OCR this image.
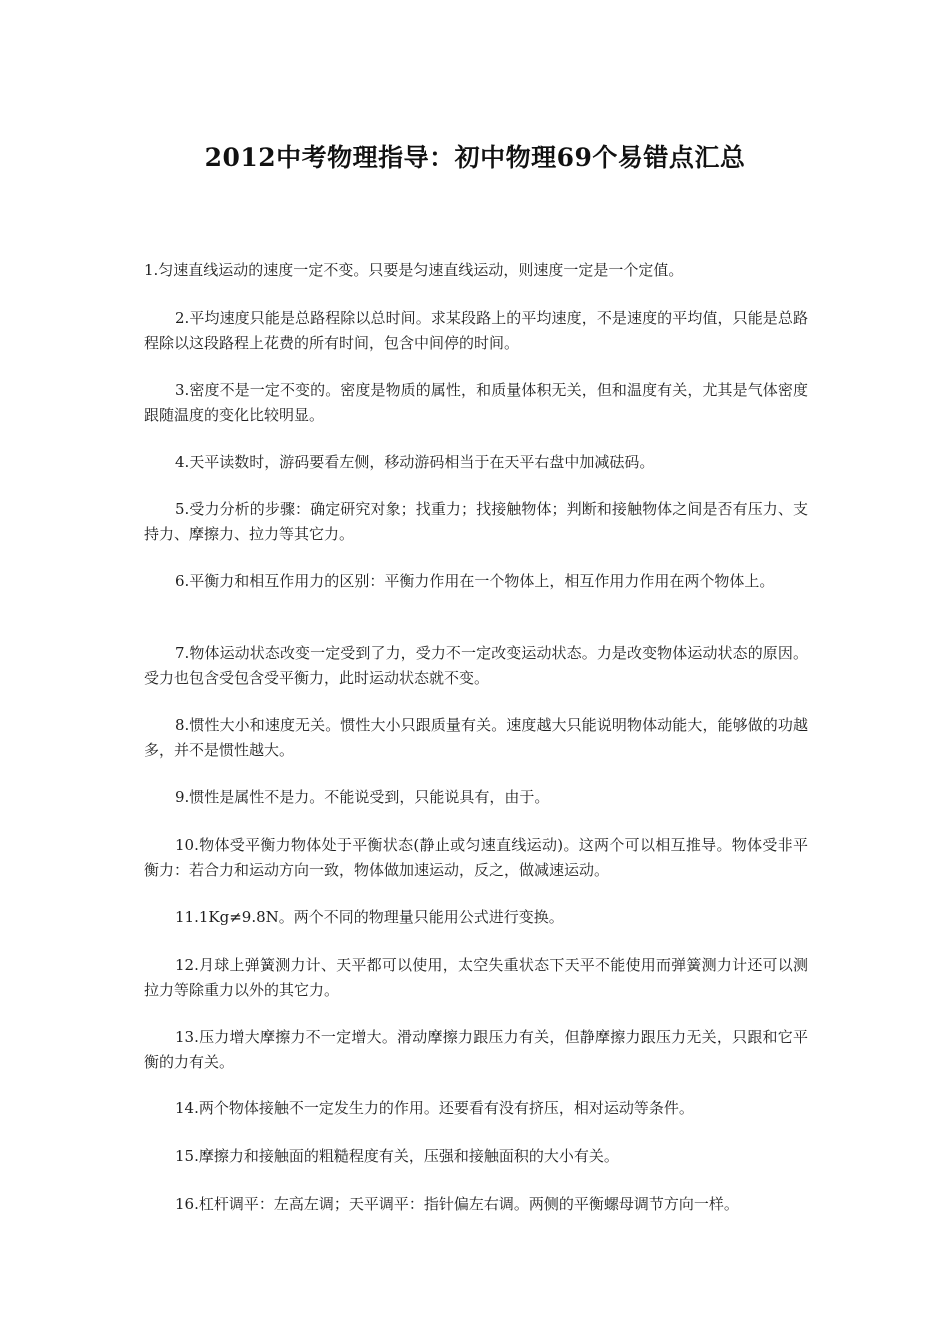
2012中考物理指导：初中物理69个易错点汇总
1.匀速直线运动的速度一定不变。只要是匀速直线运动，则速度一定是一个定值。
2.平均速度只能是总路程除以总时间。求某段路上的平均速度，不是速度的平均值，只能是总路程除以这段路程上花费的所有时间，包含中间停的时间。
3.密度不是一定不变的。密度是物质的属性，和质量体积无关，但和温度有关，尤其是气体密度跟随温度的变化比较明显。
4.天平读数时，游码要看左侧，移动游码相当于在天平右盘中加减砝码。
5.受力分析的步骤：确定研究对象；找重力；找接触物体；判断和接触物体之间是否有压力、支持力、摩擦力、拉力等其它力。
6.平衡力和相互作用力的区别：平衡力作用在一个物体上，相互作用力作用在两个物体上。
7.物体运动状态改变一定受到了力，受力不一定改变运动状态。力是改变物体运动状态的原因。受力也包含受包含受平衡力，此时运动状态就不变。
8.惯性大小和速度无关。惯性大小只跟质量有关。速度越大只能说明物体动能大，能够做的功越多，并不是惯性越大。
9.惯性是属性不是力。不能说受到，只能说具有，由于。
10.物体受平衡力物体处于平衡状态(静止或匀速直线运动)。这两个可以相互推导。物体受非平衡力：若合力和运动方向一致，物体做加速运动，反之，做减速运动。
11.1Kg≠9.8N。两个不同的物理量只能用公式进行变换。
12.月球上弹簧测力计、天平都可以使用，太空失重状态下天平不能使用而弹簧测力计还可以测拉力等除重力以外的其它力。
13.压力增大摩擦力不一定增大。滑动摩擦力跟压力有关，但静摩擦力跟压力无关，只跟和它平衡的力有关。
14.两个物体接触不一定发生力的作用。还要看有没有挤压，相对运动等条件。
15.摩擦力和接触面的粗糙程度有关，压强和接触面积的大小有关。
16.杠杆调平：左高左调；天平调平：指针偏左右调。两侧的平衡螺母调节方向一样。
